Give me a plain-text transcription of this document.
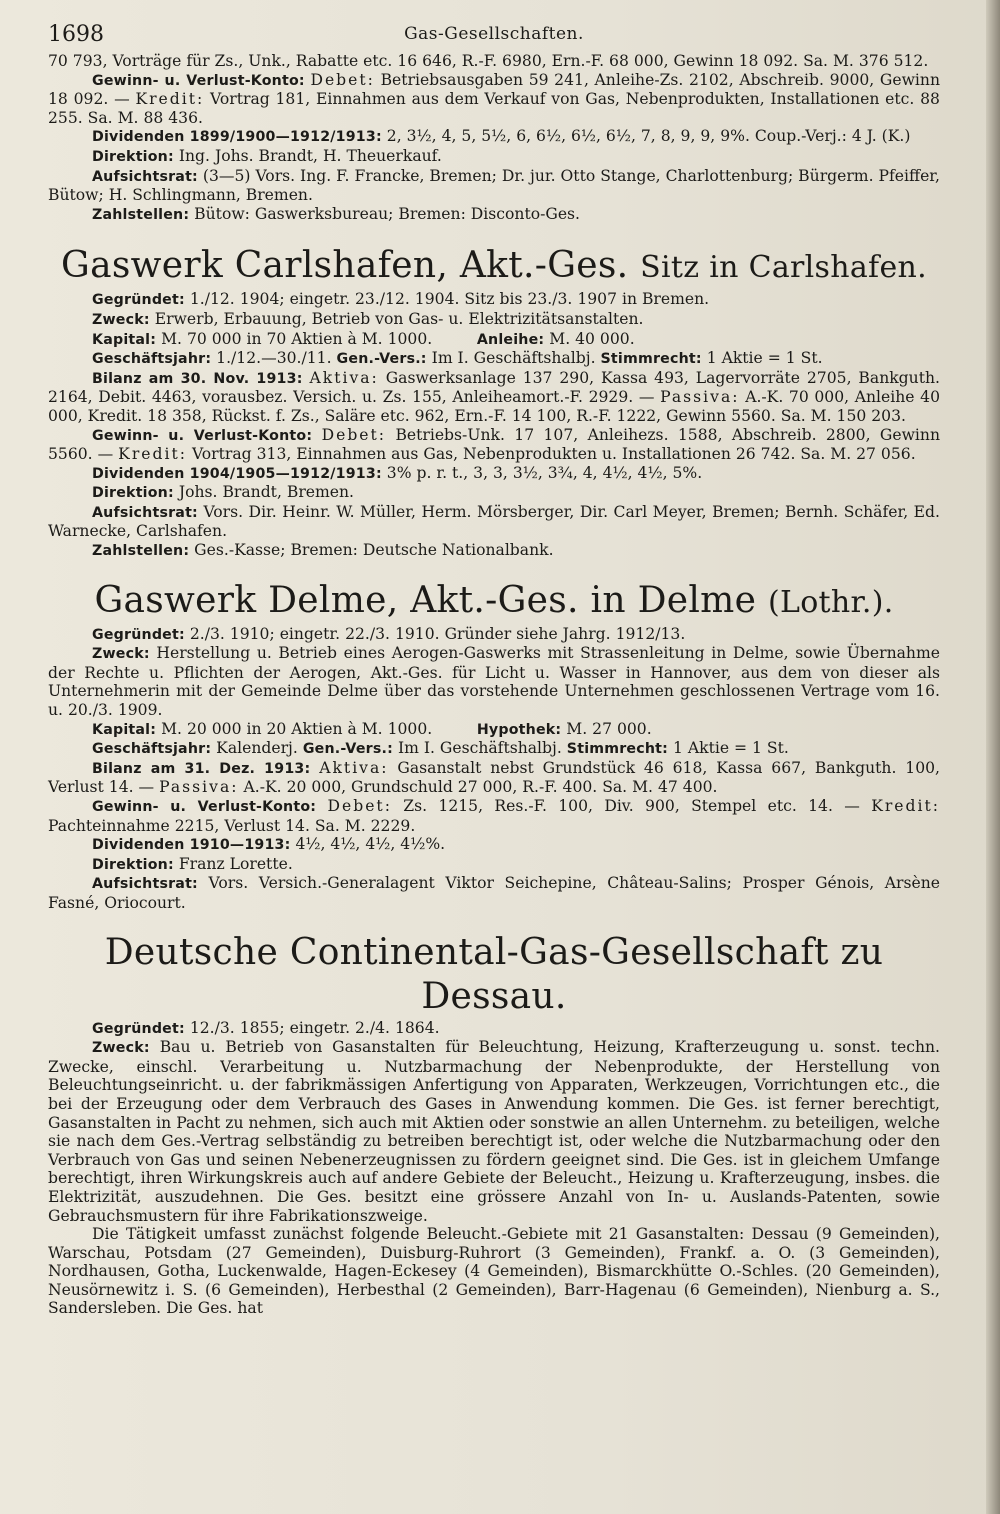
1698	Gas-Gesellschaften.

70 793, Vorträge für Zs., Unk., Rabatte etc. 16 646, R.-F. 6980, Ern.-F. 68 000, Gewinn 18 092. Sa. M. 376 512.

Gewinn- u. Verlust-Konto: Debet: Betriebsausgaben 59 241, Anleihe-Zs. 2102, Abschreib. 9000, Gewinn 18 092. — Kredit: Vortrag 181, Einnahmen aus dem Verkauf von Gas, Nebenprodukten, Installationen etc. 88 255. Sa. M. 88 436.

Dividenden 1899/1900—1912/1913: 2, 3½, 4, 5, 5½, 6, 6½, 6½, 6½, 7, 8, 9, 9, 9%. Coup.-Verj.: 4 J. (K.)

Direktion: Ing. Johs. Brandt, H. Theuerkauf.

Aufsichtsrat: (3—5) Vors. Ing. F. Francke, Bremen; Dr. jur. Otto Stange, Charlottenburg; Bürgerm. Pfeiffer, Bütow; H. Schlingmann, Bremen.

Zahlstellen: Bütow: Gaswerksbureau; Bremen: Disconto-Ges.

Gaswerk Carlshafen, Akt.-Ges. Sitz in Carlshafen.

Gegründet: 1./12. 1904; eingetr. 23./12. 1904. Sitz bis 23./3. 1907 in Bremen.

Zweck: Erwerb, Erbauung, Betrieb von Gas- u. Elektrizitätsanstalten.

Kapital: M. 70 000 in 70 Aktien à M. 1000.	Anleihe: M. 40 000.

Geschäftsjahr: 1./12.—30./11. Gen.-Vers.: Im I. Geschäftshalbj. Stimmrecht: 1 Aktie = 1 St.

Bilanz am 30. Nov. 1913: Aktiva: Gaswerksanlage 137 290, Kassa 493, Lagervorräte 2705, Bankguth. 2164, Debit. 4463, vorausbez. Versich. u. Zs. 155, Anleiheamort.-F. 2929. — Passiva: A.-K. 70 000, Anleihe 40 000, Kredit. 18 358, Rückst. f. Zs., Saläre etc. 962, Ern.-F. 14 100, R.-F. 1222, Gewinn 5560. Sa. M. 150 203.

Gewinn- u. Verlust-Konto: Debet: Betriebs-Unk. 17 107, Anleihezs. 1588, Abschreib. 2800, Gewinn 5560. — Kredit: Vortrag 313, Einnahmen aus Gas, Nebenprodukten u. Installationen 26 742. Sa. M. 27 056.

Dividenden 1904/1905—1912/1913: 3% p. r. t., 3, 3, 3½, 3¾, 4, 4½, 4½, 5%.

Direktion: Johs. Brandt, Bremen.

Aufsichtsrat: Vors. Dir. Heinr. W. Müller, Herm. Mörsberger, Dir. Carl Meyer, Bremen; Bernh. Schäfer, Ed. Warnecke, Carlshafen.

Zahlstellen: Ges.-Kasse; Bremen: Deutsche Nationalbank.

Gaswerk Delme, Akt.-Ges. in Delme (Lothr.).

Gegründet: 2./3. 1910; eingetr. 22./3. 1910. Gründer siehe Jahrg. 1912/13.

Zweck: Herstellung u. Betrieb eines Aerogen-Gaswerks mit Strassenleitung in Delme, sowie Übernahme der Rechte u. Pflichten der Aerogen, Akt.-Ges. für Licht u. Wasser in Hannover, aus dem von dieser als Unternehmerin mit der Gemeinde Delme über das vorstehende Unternehmen geschlossenen Vertrage vom 16. u. 20./3. 1909.

Kapital: M. 20 000 in 20 Aktien à M. 1000.	Hypothek: M. 27 000.

Geschäftsjahr: Kalenderj. Gen.-Vers.: Im I. Geschäftshalbj. Stimmrecht: 1 Aktie = 1 St.

Bilanz am 31. Dez. 1913: Aktiva: Gasanstalt nebst Grundstück 46 618, Kassa 667, Bankguth. 100, Verlust 14. — Passiva: A.-K. 20 000, Grundschuld 27 000, R.-F. 400. Sa. M. 47 400.

Gewinn- u. Verlust-Konto: Debet: Zs. 1215, Res.-F. 100, Div. 900, Stempel etc. 14. — Kredit: Pachteinnahme 2215, Verlust 14. Sa. M. 2229.

Dividenden 1910—1913: 4½, 4½, 4½, 4½%.

Direktion: Franz Lorette.

Aufsichtsrat: Vors. Versich.-Generalagent Viktor Seichepine, Château-Salins; Prosper Génois, Arsène Fasné, Oriocourt.

Deutsche Continental-Gas-Gesellschaft zu Dessau.

Gegründet: 12./3. 1855; eingetr. 2./4. 1864.

Zweck: Bau u. Betrieb von Gasanstalten für Beleuchtung, Heizung, Krafterzeugung u. sonst. techn. Zwecke, einschl. Verarbeitung u. Nutzbarmachung der Nebenprodukte, der Herstellung von Beleuchtungseinricht. u. der fabrikmässigen Anfertigung von Apparaten, Werkzeugen, Vorrichtungen etc., die bei der Erzeugung oder dem Verbrauch des Gases in Anwendung kommen. Die Ges. ist ferner berechtigt, Gasanstalten in Pacht zu nehmen, sich auch mit Aktien oder sonstwie an allen Unternehm. zu beteiligen, welche sie nach dem Ges.-Vertrag selbständig zu betreiben berechtigt ist, oder welche die Nutzbarmachung oder den Verbrauch von Gas und seinen Nebenerzeugnissen zu fördern geeignet sind. Die Ges. ist in gleichem Umfange berechtigt, ihren Wirkungskreis auch auf andere Gebiete der Beleucht., Heizung u. Krafterzeugung, insbes. die Elektrizität, auszudehnen. Die Ges. besitzt eine grössere Anzahl von In- u. Auslands-Patenten, sowie Gebrauchsmustern für ihre Fabrikationszweige.

Die Tätigkeit umfasst zunächst folgende Beleucht.-Gebiete mit 21 Gasanstalten: Dessau (9 Gemeinden), Warschau, Potsdam (27 Gemeinden), Duisburg-Ruhrort (3 Gemeinden), Frankf. a. O. (3 Gemeinden), Nordhausen, Gotha, Luckenwalde, Hagen-Eckesey (4 Gemeinden), Bismarckhütte O.-Schles. (20 Gemeinden), Neusörnewitz i. S. (6 Gemeinden), Herbesthal (2 Gemeinden), Barr-Hagenau (6 Gemeinden), Nienburg a. S., Sandersleben. Die Ges. hat
